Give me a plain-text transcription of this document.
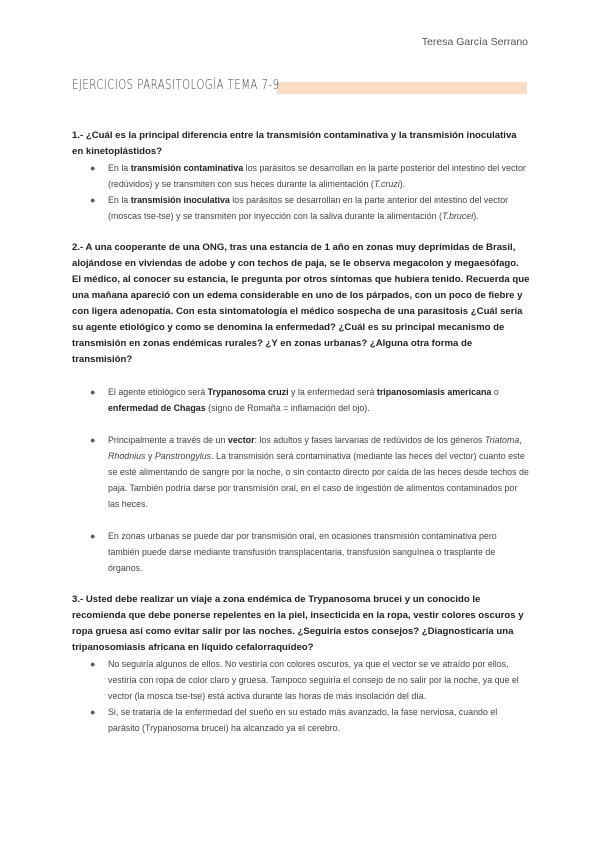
Teresa García Serrano
EJERCICIOS PARASITOLOGÍA TEMA 7-9
1.- ¿Cuál es la principal diferencia entre la transmisión contaminativa y la transmisión inoculativa en kinetoplástidos?
● En la transmisión contaminativa los parásitos se desarrollan en la parte posterior del intestino del vector (redúvidos) y se transmiten con sus heces durante la alimentación (T.cruzi).
● En la transmisión inoculativa los parásitos se desarrollan en la parte anterior del intestino del vector (moscas tse-tse) y se transmiten por inyección con la saliva durante la alimentación (T.brucei).
2.- A una cooperante de una ONG, tras una estancia de 1 año en zonas muy deprimidas de Brasil, alojándose en viviendas de adobe y con techos de paja, se le observa megacolon y megaesófago. El médico, al conocer su estancia, le pregunta por otros síntomas que hubiera tenido. Recuerda que una mañana apareció con un edema considerable en uno de los párpados, con un poco de fiebre y con ligera adenopatía. Con esta sintomatología el médico sospecha de una parasitosis ¿Cuál sería su agente etiológico y como se denomina la enfermedad? ¿Cuál es su principal mecanismo de transmisión en zonas endémicas rurales? ¿Y en zonas urbanas? ¿Alguna otra forma de transmisión?
● El agente etiológico será Trypanosoma cruzi y la enfermedad será tripanosomiasis americana o enfermedad de Chagas (signo de Romaña = inflamación del ojo).
● Principalmente a través de un vector: los adultos y fases larvarias de redúvidos de los géneros Triatoma, Rhodnius y Panstrongylus. La transmisión será contaminativa (mediante las heces del vector) cuanto este se esté alimentando de sangre por la noche, o sin contacto directo por caída de las heces desde techos de paja. También podría darse por transmisión oral, en el caso de ingestión de alimentos contaminados por las heces.
● En zonas urbanas se puede dar por transmisión oral, en ocasiones transmisión contaminativa pero también puede darse mediante transfusión transplacentaria, transfusión sanguínea o trasplante de órganos.
3.- Usted debe realizar un viaje a zona endémica de Trypanosoma brucei y un conocido le recomienda que debe ponerse repelentes en la piel, insecticida en la ropa, vestir colores oscuros y ropa gruesa así como evitar salir por las noches. ¿Seguiría estos consejos? ¿Diagnosticaría una tripanosomiasis africana en líquido cefalorraquídeo?
● No seguiría algunos de ellos. No vestiría con colores oscuros, ya que el vector se ve atraído por ellos, vestiría con ropa de color claro y gruesa. Tampoco seguiría el consejo de no salir por la noche, ya que el vector (la mosca tse-tse) está activa durante las horas de más insolación del día.
● Si, se trataría de la enfermedad del sueño en su estado más avanzado, la fase nerviosa, cuando el parásito (Trypanosoma brucei) ha alcanzado ya el cerebro.
